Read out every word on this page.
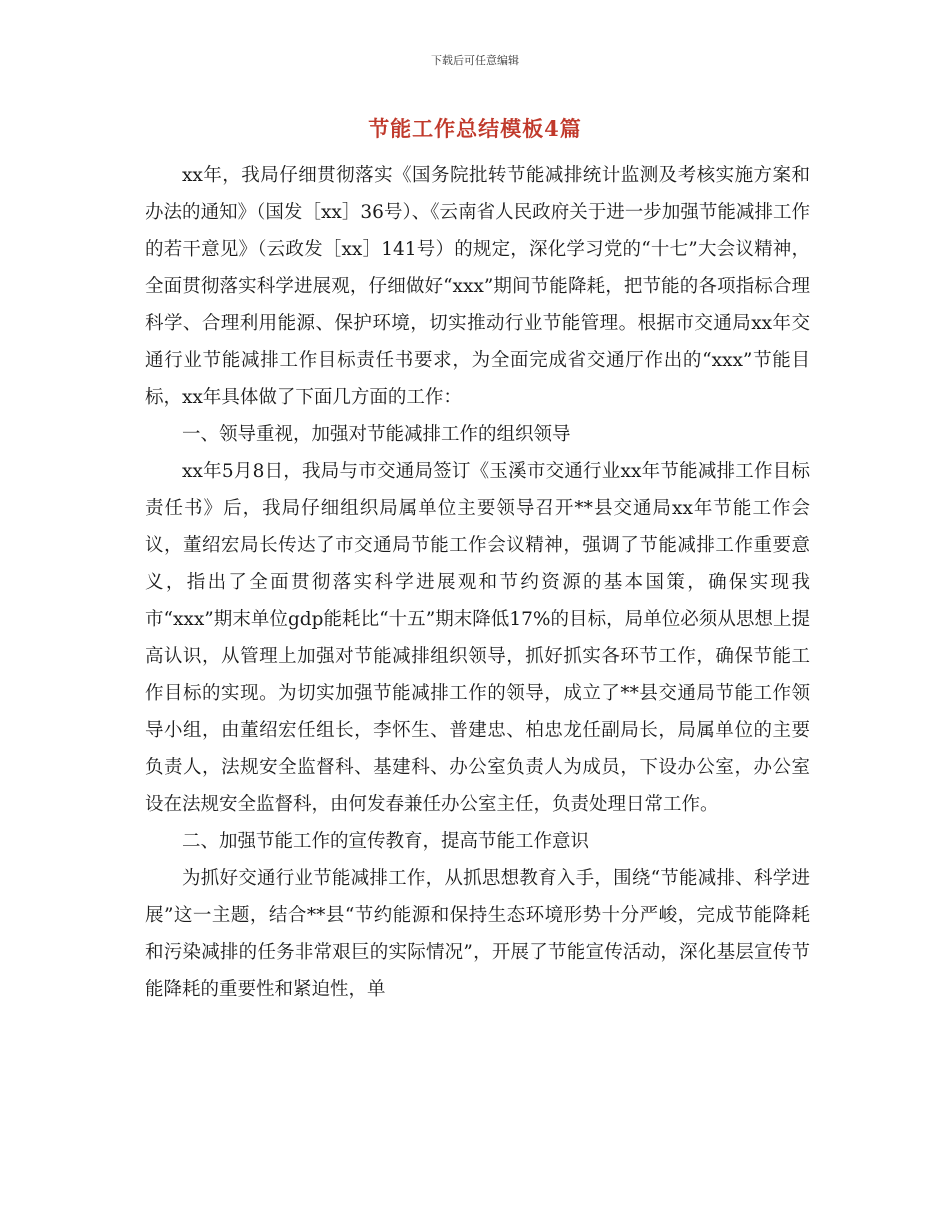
下载后可任意编辑
节能工作总结模板4篇

xx年，我局仔细贯彻落实《国务院批转节能减排统计监测及考核实施方案和办法的通知》（国发［xx］36号）、《云南省人民政府关于进一步加强节能减排工作的若干意见》（云政发［xx］141号）的规定，深化学习党的“十七”大会议精神，全面贯彻落实科学进展观，仔细做好“xxx”期间节能降耗，把节能的各项指标合理科学、合理利用能源、保护环境，切实推动行业节能管理。根据市交通局xx年交通行业节能减排工作目标责任书要求，为全面完成省交通厅作出的“xxx”节能目标，xx年具体做了下面几方面的工作：

一、领导重视，加强对节能减排工作的组织领导

xx年5月8日，我局与市交通局签订《玉溪市交通行业xx年节能减排工作目标责任书》后，我局仔细组织局属单位主要领导召开**县交通局xx年节能工作会议，董绍宏局长传达了市交通局节能工作会议精神，强调了节能减排工作重要意义，指出了全面贯彻落实科学进展观和节约资源的基本国策，确保实现我市“xxx”期末单位gdp能耗比“十五”期末降低17%的目标，局单位必须从思想上提高认识，从管理上加强对节能减排组织领导，抓好抓实各环节工作，确保节能工作目标的实现。为切实加强节能减排工作的领导，成立了**县交通局节能工作领导小组，由董绍宏任组长，李怀生、普建忠、柏忠龙任副局长，局属单位的主要负责人，法规安全监督科、基建科、办公室负责人为成员，下设办公室，办公室设在法规安全监督科，由何发春兼任办公室主任，负责处理日常工作。

二、加强节能工作的宣传教育，提高节能工作意识

为抓好交通行业节能减排工作，从抓思想教育入手，围绕“节能减排、科学进展”这一主题，结合**县“节约能源和保持生态环境形势十分严峻，完成节能降耗和污染减排的任务非常艰巨的实际情况”，开展了节能宣传活动，深化基层宣传节能降耗的重要性和紧迫性，单
